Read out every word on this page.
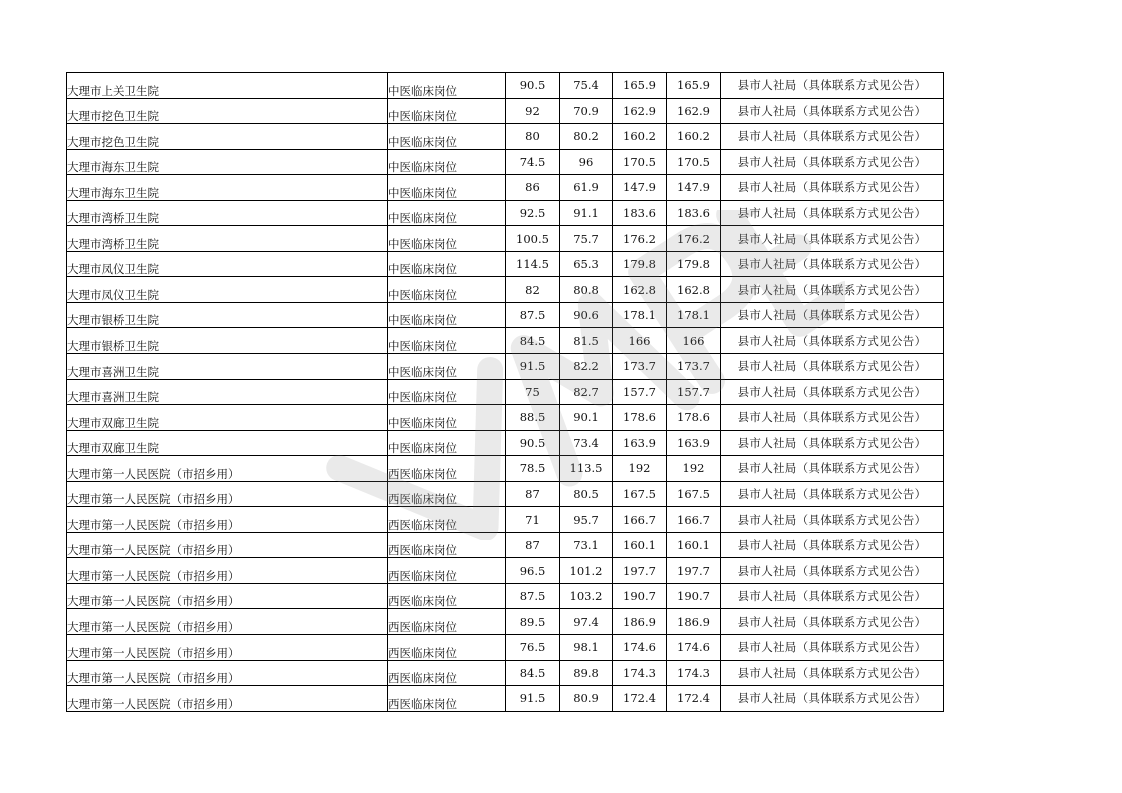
大理市上关卫生院	中医临床岗位	90.5	75.4	165.9	165.9	县市人社局（具体联系方式见公告）
大理市挖色卫生院	中医临床岗位	92	70.9	162.9	162.9	县市人社局（具体联系方式见公告）
大理市挖色卫生院	中医临床岗位	80	80.2	160.2	160.2	县市人社局（具体联系方式见公告）
大理市海东卫生院	中医临床岗位	74.5	96	170.5	170.5	县市人社局（具体联系方式见公告）
大理市海东卫生院	中医临床岗位	86	61.9	147.9	147.9	县市人社局（具体联系方式见公告）
大理市湾桥卫生院	中医临床岗位	92.5	91.1	183.6	183.6	县市人社局（具体联系方式见公告）
大理市湾桥卫生院	中医临床岗位	100.5	75.7	176.2	176.2	县市人社局（具体联系方式见公告）
大理市凤仪卫生院	中医临床岗位	114.5	65.3	179.8	179.8	县市人社局（具体联系方式见公告）
大理市凤仪卫生院	中医临床岗位	82	80.8	162.8	162.8	县市人社局（具体联系方式见公告）
大理市银桥卫生院	中医临床岗位	87.5	90.6	178.1	178.1	县市人社局（具体联系方式见公告）
大理市银桥卫生院	中医临床岗位	84.5	81.5	166	166	县市人社局（具体联系方式见公告）
大理市喜洲卫生院	中医临床岗位	91.5	82.2	173.7	173.7	县市人社局（具体联系方式见公告）
大理市喜洲卫生院	中医临床岗位	75	82.7	157.7	157.7	县市人社局（具体联系方式见公告）
大理市双廊卫生院	中医临床岗位	88.5	90.1	178.6	178.6	县市人社局（具体联系方式见公告）
大理市双廊卫生院	中医临床岗位	90.5	73.4	163.9	163.9	县市人社局（具体联系方式见公告）
大理市第一人民医院（市招乡用）	西医临床岗位	78.5	113.5	192	192	县市人社局（具体联系方式见公告）
大理市第一人民医院（市招乡用）	西医临床岗位	87	80.5	167.5	167.5	县市人社局（具体联系方式见公告）
大理市第一人民医院（市招乡用）	西医临床岗位	71	95.7	166.7	166.7	县市人社局（具体联系方式见公告）
大理市第一人民医院（市招乡用）	西医临床岗位	87	73.1	160.1	160.1	县市人社局（具体联系方式见公告）
大理市第一人民医院（市招乡用）	西医临床岗位	96.5	101.2	197.7	197.7	县市人社局（具体联系方式见公告）
大理市第一人民医院（市招乡用）	西医临床岗位	87.5	103.2	190.7	190.7	县市人社局（具体联系方式见公告）
大理市第一人民医院（市招乡用）	西医临床岗位	89.5	97.4	186.9	186.9	县市人社局（具体联系方式见公告）
大理市第一人民医院（市招乡用）	西医临床岗位	76.5	98.1	174.6	174.6	县市人社局（具体联系方式见公告）
大理市第一人民医院（市招乡用）	西医临床岗位	84.5	89.8	174.3	174.3	县市人社局（具体联系方式见公告）
大理市第一人民医院（市招乡用）	西医临床岗位	91.5	80.9	172.4	172.4	县市人社局（具体联系方式见公告）
